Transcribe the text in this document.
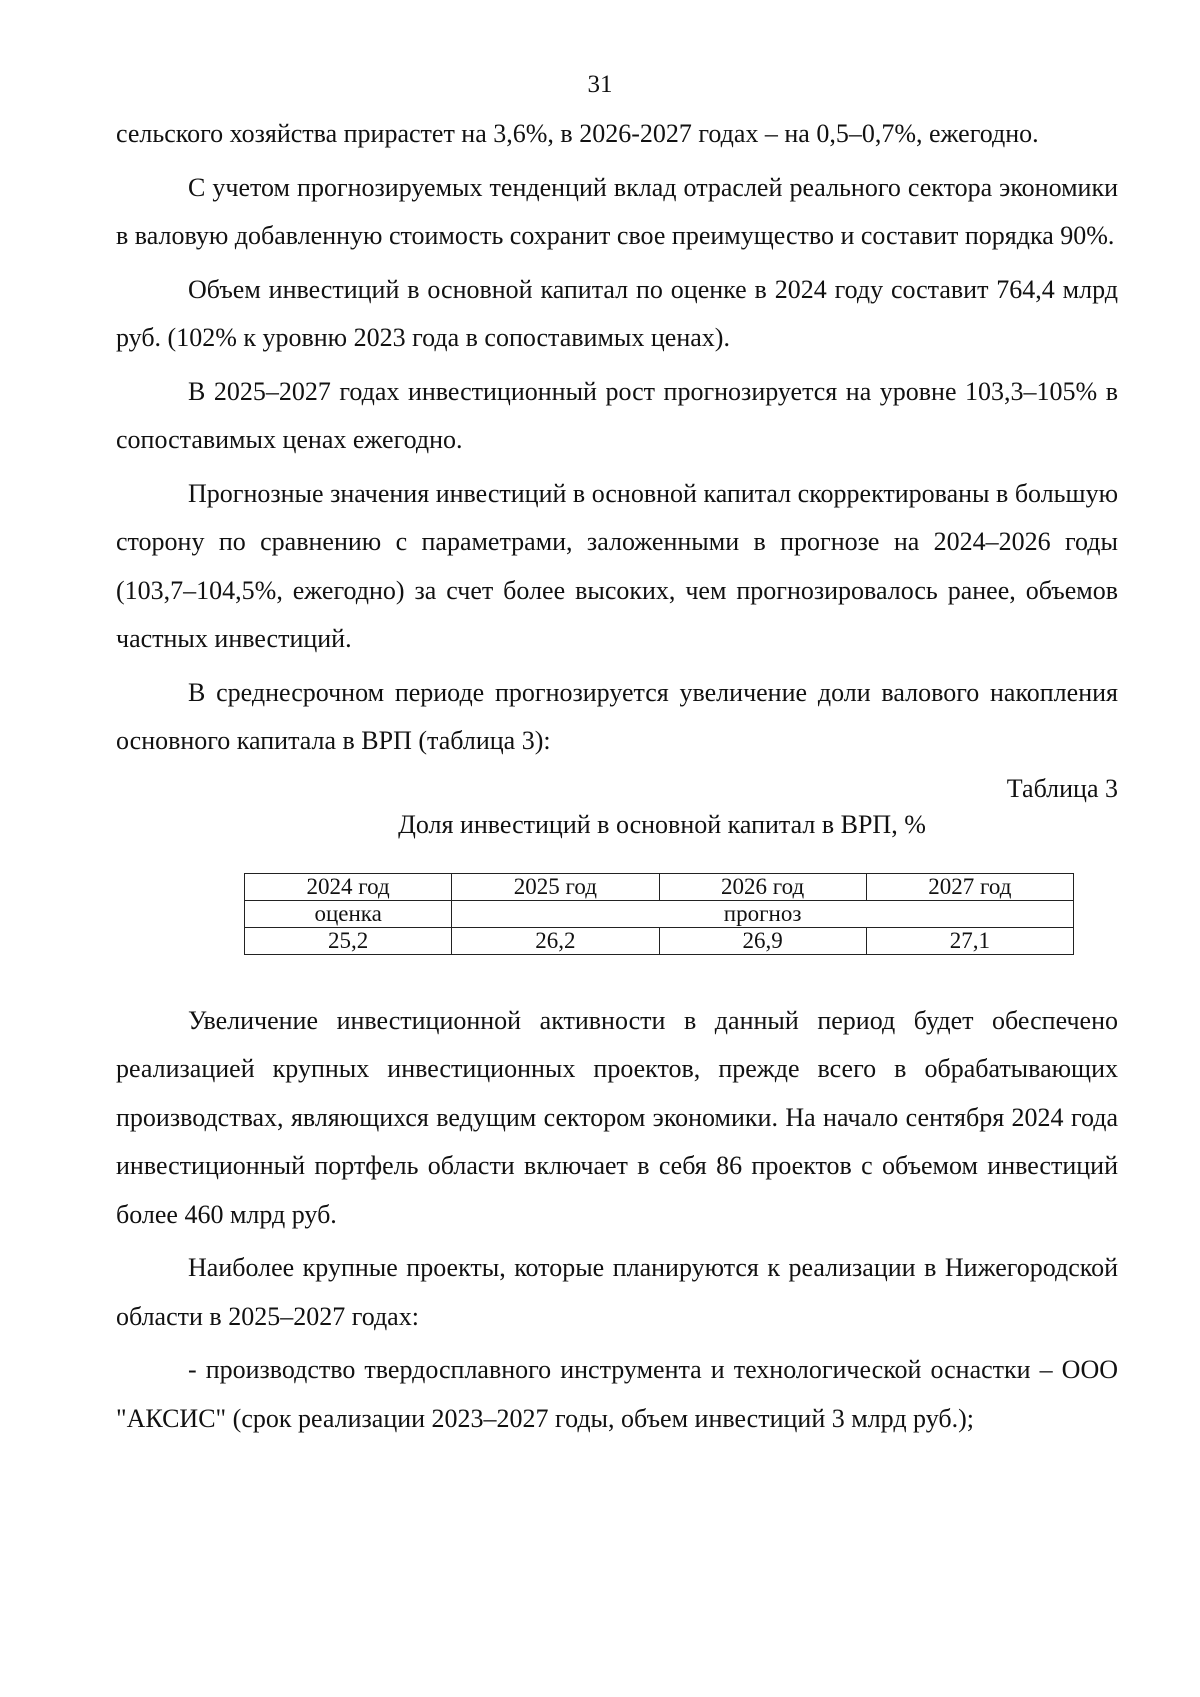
31

сельского хозяйства прирастет на 3,6%, в 2026-2027 годах – на 0,5–0,7%, ежегодно.

С учетом прогнозируемых тенденций вклад отраслей реального сектора экономики в валовую добавленную стоимость сохранит свое преимущество и составит порядка 90%.

Объем инвестиций в основной капитал по оценке в 2024 году составит 764,4 млрд руб. (102% к уровню 2023 года в сопоставимых ценах).

В 2025–2027 годах инвестиционный рост прогнозируется на уровне 103,3–105% в сопоставимых ценах ежегодно.

Прогнозные значения инвестиций в основной капитал скорректированы в большую сторону по сравнению с параметрами, заложенными в прогнозе на 2024–2026 годы (103,7–104,5%, ежегодно) за счет более высоких, чем прогнозировалось ранее, объемов частных инвестиций.

В среднесрочном периоде прогнозируется увеличение доли валового накопления основного капитала в ВРП (таблица 3):

Таблица 3

Доля инвестиций в основной капитал в ВРП, %

2024 год	2025 год	2026 год	2027 год
оценка	прогноз		
25,2	26,2	26,9	27,1

Увеличение инвестиционной активности в данный период будет обеспечено реализацией крупных инвестиционных проектов, прежде всего в обрабатывающих производствах, являющихся ведущим сектором экономики. На начало сентября 2024 года инвестиционный портфель области включает в себя 86 проектов с объемом инвестиций более 460 млрд руб.

Наиболее крупные проекты, которые планируются к реализации в Нижегородской области в 2025–2027 годах:

- производство твердосплавного инструмента и технологической оснастки – ООО "АКСИС" (срок реализации 2023–2027 годы, объем инвестиций 3 млрд руб.);
